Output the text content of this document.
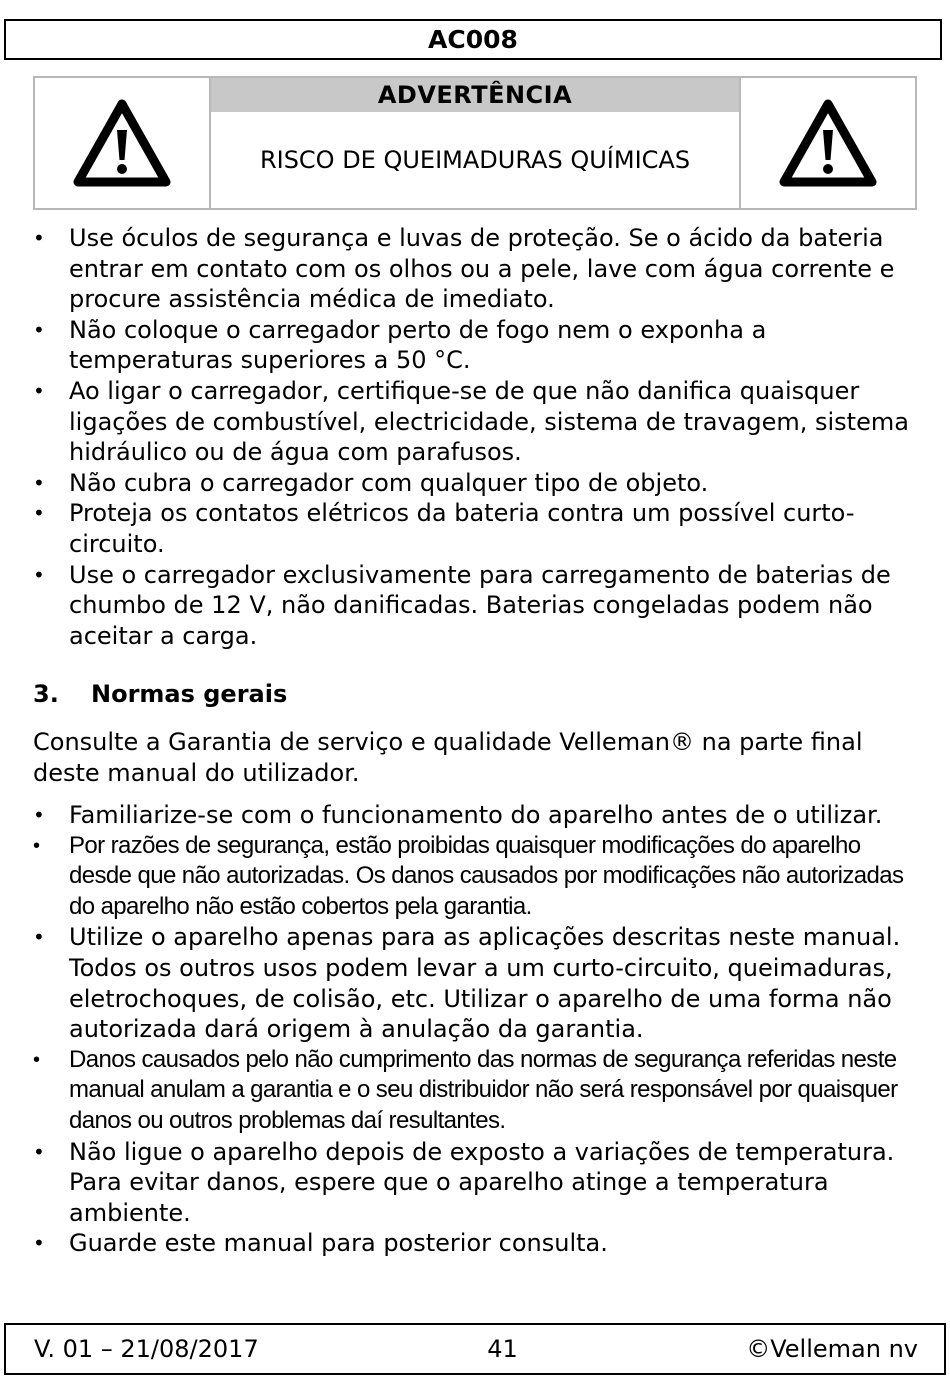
AC008
ADVERTÊNCIA
RISCO DE QUEIMADURAS QUÍMICAS
• Use óculos de segurança e luvas de proteção. Se o ácido da bateria entrar em contato com os olhos ou a pele, lave com água corrente e procure assistência médica de imediato.
• Não coloque o carregador perto de fogo nem o exponha a temperaturas superiores a 50 °C.
• Ao ligar o carregador, certifique-se de que não danifica quaisquer ligações de combustível, electricidade, sistema de travagem, sistema hidráulico ou de água com parafusos.
• Não cubra o carregador com qualquer tipo de objeto.
• Proteja os contatos elétricos da bateria contra um possível curto-circuito.
• Use o carregador exclusivamente para carregamento de baterias de chumbo de 12 V, não danificadas. Baterias congeladas podem não aceitar a carga.
3. Normas gerais
Consulte a Garantia de serviço e qualidade Velleman® na parte final deste manual do utilizador.
• Familiarize-se com o funcionamento do aparelho antes de o utilizar.
• Por razões de segurança, estão proibidas quaisquer modificações do aparelho desde que não autorizadas. Os danos causados por modificações não autorizadas do aparelho não estão cobertos pela garantia.
• Utilize o aparelho apenas para as aplicações descritas neste manual. Todos os outros usos podem levar a um curto-circuito, queimaduras, eletrochoques, de colisão, etc. Utilizar o aparelho de uma forma não autorizada dará origem à anulação da garantia.
• Danos causados pelo não cumprimento das normas de segurança referidas neste manual anulam a garantia e o seu distribuidor não será responsável por quaisquer danos ou outros problemas daí resultantes.
• Não ligue o aparelho depois de exposto a variações de temperatura. Para evitar danos, espere que o aparelho atinge a temperatura ambiente.
• Guarde este manual para posterior consulta.
V. 01 – 21/08/2017	41	©Velleman nv
